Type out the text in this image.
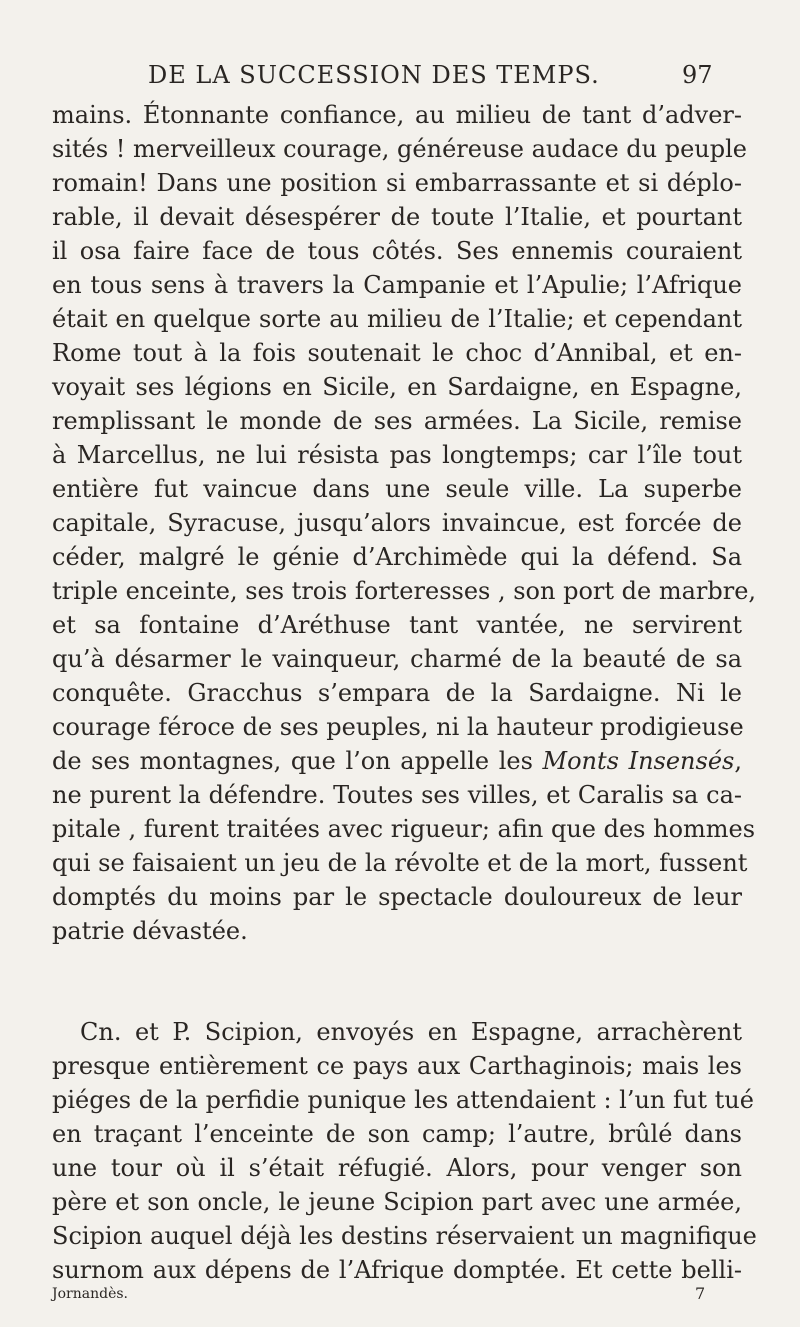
DE LA SUCCESSION DES TEMPS.	97
mains. Étonnante confiance, au milieu de tant d’adver-
sités ! merveilleux courage, généreuse audace du peuple
romain! Dans une position si embarrassante et si déplo-
rable, il devait désespérer de toute l’Italie, et pourtant
il osa faire face de tous côtés. Ses ennemis couraient
en tous sens à travers la Campanie et l’Apulie; l’Afrique
était en quelque sorte au milieu de l’Italie; et cependant
Rome tout à la fois soutenait le choc d’Annibal, et en-
voyait ses légions en Sicile, en Sardaigne, en Espagne,
remplissant le monde de ses armées. La Sicile, remise
à Marcellus, ne lui résista pas longtemps; car l’île tout
entière fut vaincue dans une seule ville. La superbe
capitale, Syracuse, jusqu’alors invaincue, est forcée de
céder, malgré le génie d’Archimède qui la défend. Sa
triple enceinte, ses trois forteresses , son port de marbre,
et sa fontaine d’Aréthuse tant vantée, ne servirent
qu’à désarmer le vainqueur, charmé de la beauté de sa
conquête. Gracchus s’empara de la Sardaigne. Ni le
courage féroce de ses peuples, ni la hauteur prodigieuse
de ses montagnes, que l’on appelle les Monts Insensés,
ne purent la défendre. Toutes ses villes, et Caralis sa ca-
pitale , furent traitées avec rigueur; afin que des hommes
qui se faisaient un jeu de la révolte et de la mort, fussent
domptés du moins par le spectacle douloureux de leur
patrie dévastée.
Cn. et P. Scipion, envoyés en Espagne, arrachèrent
presque entièrement ce pays aux Carthaginois; mais les
piéges de la perfidie punique les attendaient : l’un fut tué
en traçant l’enceinte de son camp; l’autre, brûlé dans
une tour où il s’était réfugié. Alors, pour venger son
père et son oncle, le jeune Scipion part avec une armée,
Scipion auquel déjà les destins réservaient un magnifique
surnom aux dépens de l’Afrique domptée. Et cette belli-
Jornandès.	7
